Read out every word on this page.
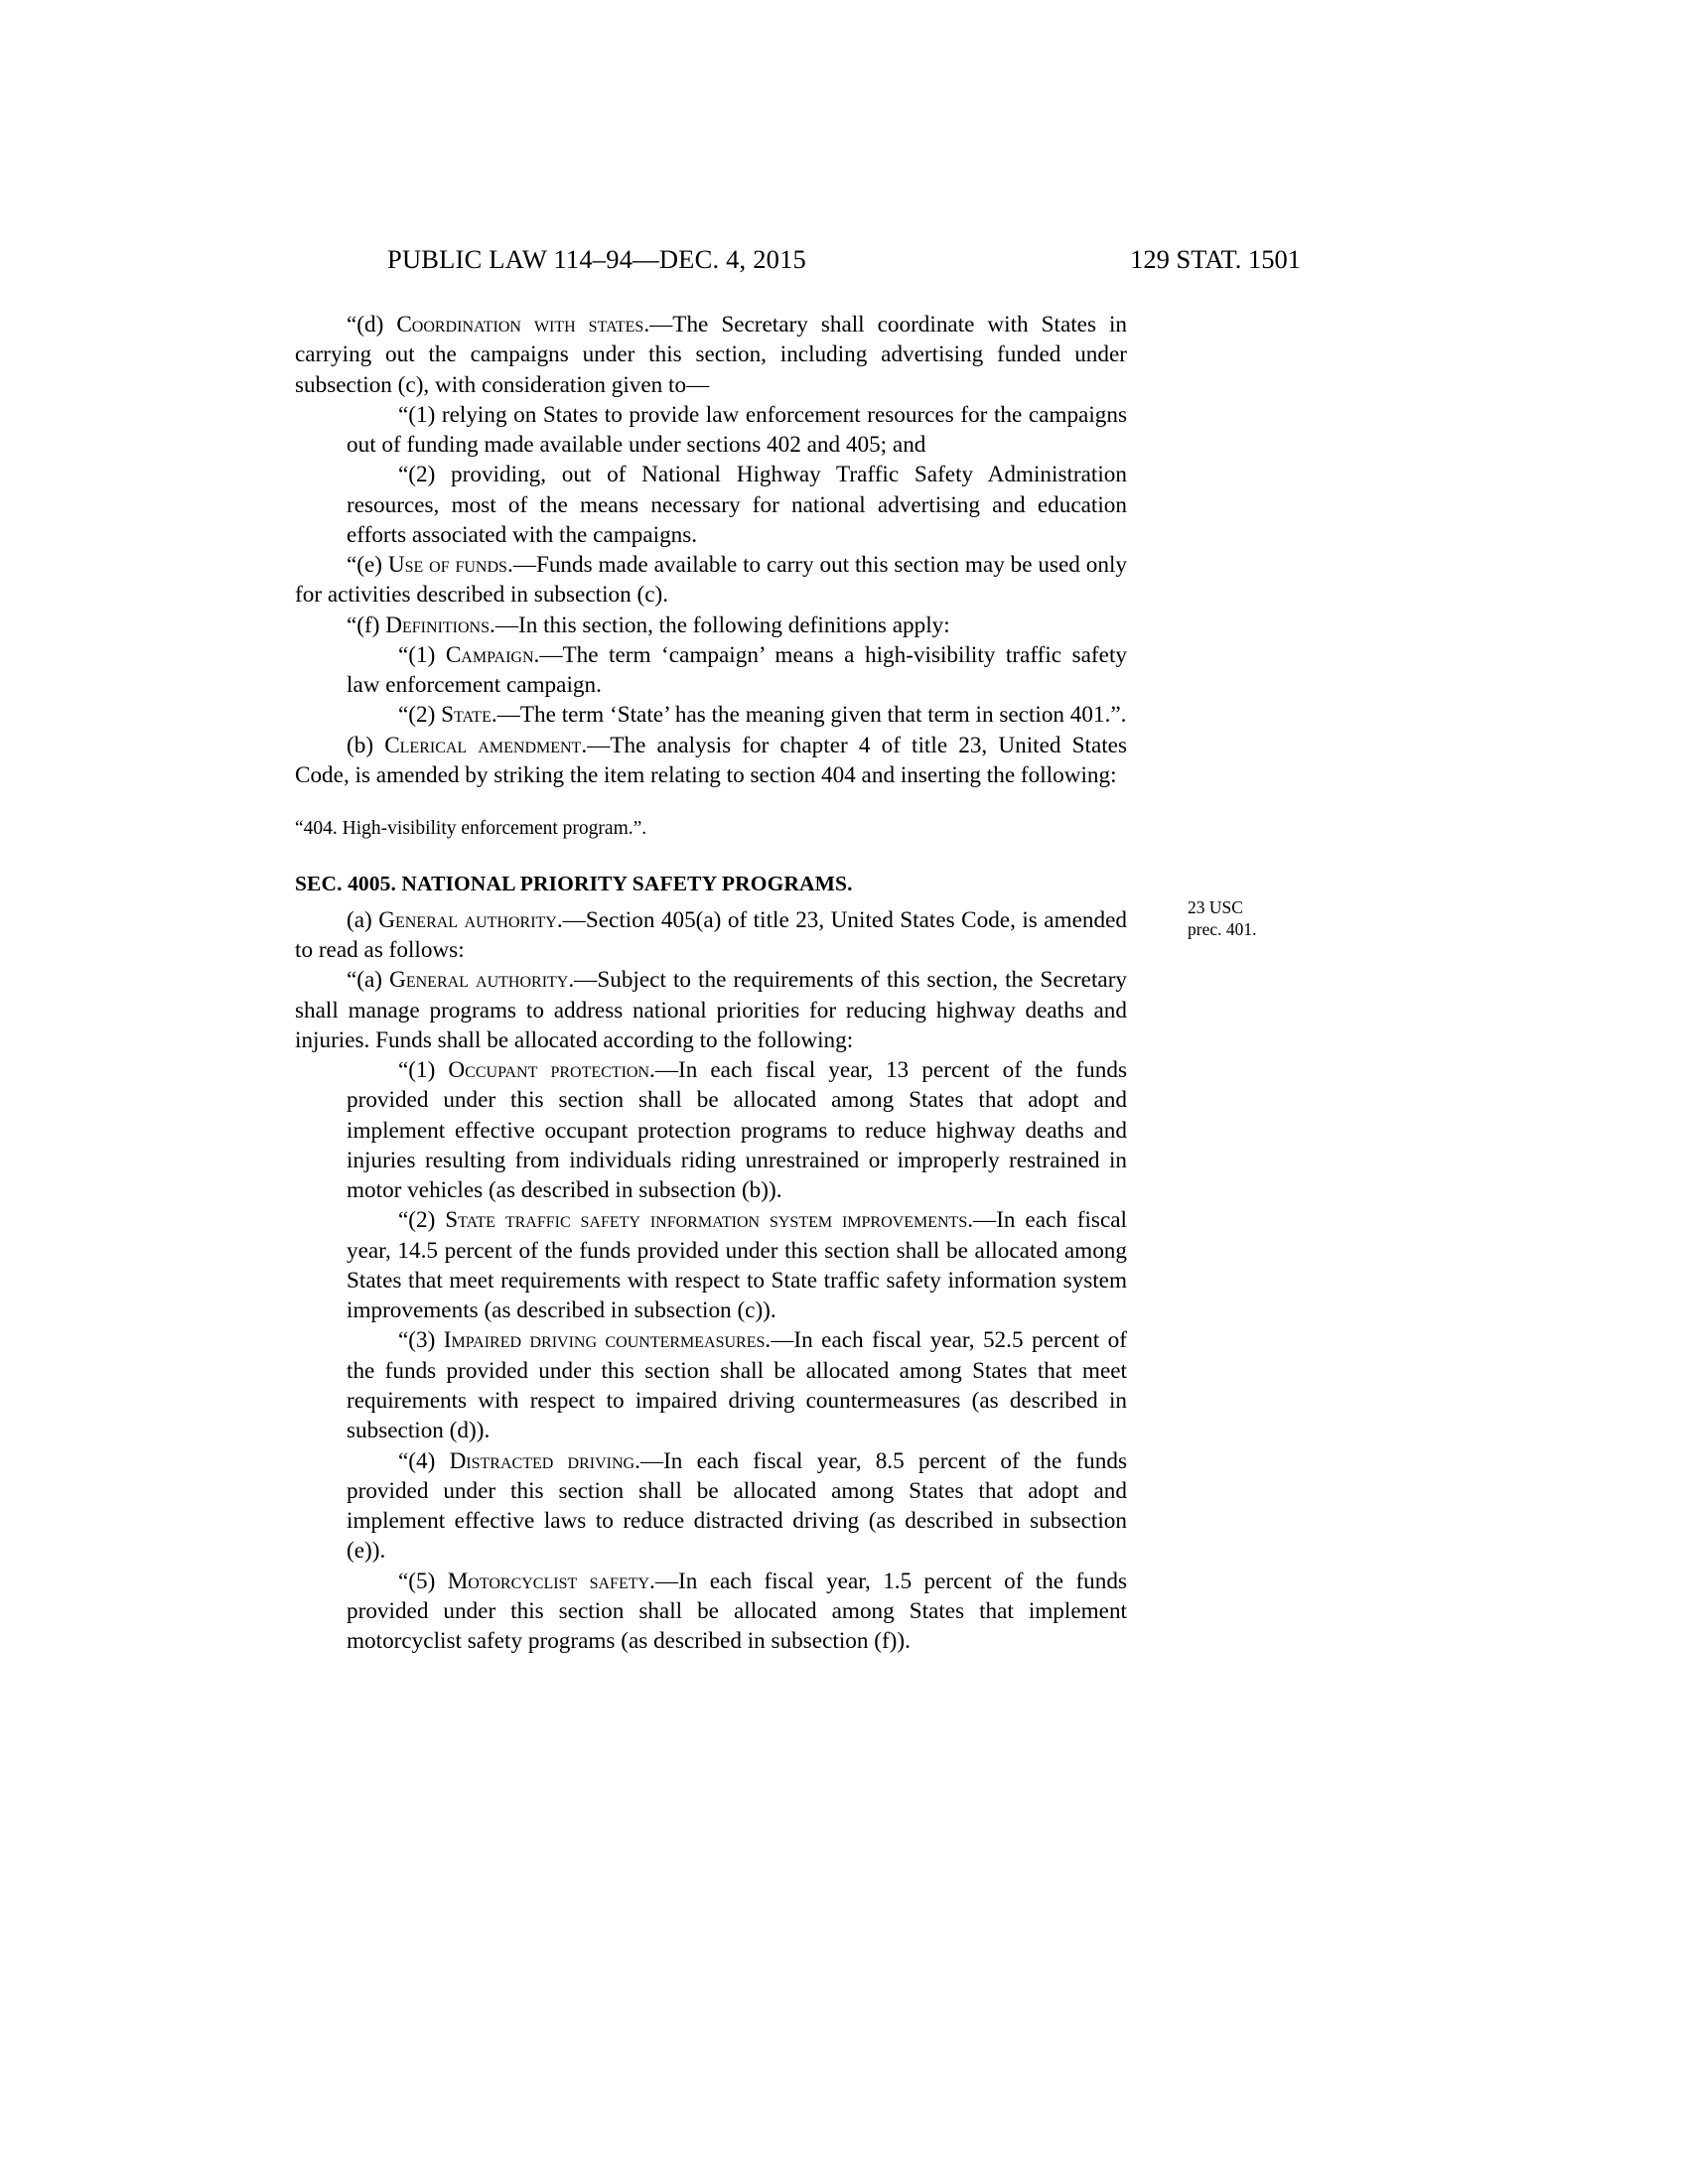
PUBLIC LAW 114–94—DEC. 4, 2015	129 STAT. 1501

“(d) Coordination with states.—The Secretary shall coordinate with States in carrying out the campaigns under this section, including advertising funded under subsection (c), with consideration given to—

“(1) relying on States to provide law enforcement resources for the campaigns out of funding made available under sections 402 and 405; and

“(2) providing, out of National Highway Traffic Safety Administration resources, most of the means necessary for national advertising and education efforts associated with the campaigns.

“(e) Use of funds.—Funds made available to carry out this section may be used only for activities described in subsection (c).

“(f) Definitions.—In this section, the following definitions apply:

“(1) Campaign.—The term ‘campaign’ means a high-visibility traffic safety law enforcement campaign.

“(2) State.—The term ‘State’ has the meaning given that term in section 401.”.

(b) Clerical amendment.—The analysis for chapter 4 of title 23, United States Code, is amended by striking the item relating to section 404 and inserting the following:

“404. High-visibility enforcement program.”.

SEC. 4005. NATIONAL PRIORITY SAFETY PROGRAMS.

(a) General authority.—Section 405(a) of title 23, United States Code, is amended to read as follows:

“(a) General authority.—Subject to the requirements of this section, the Secretary shall manage programs to address national priorities for reducing highway deaths and injuries. Funds shall be allocated according to the following:

“(1) Occupant protection.—In each fiscal year, 13 percent of the funds provided under this section shall be allocated among States that adopt and implement effective occupant protection programs to reduce highway deaths and injuries resulting from individuals riding unrestrained or improperly restrained in motor vehicles (as described in subsection (b)).

“(2) State traffic safety information system improvements.—In each fiscal year, 14.5 percent of the funds provided under this section shall be allocated among States that meet requirements with respect to State traffic safety information system improvements (as described in subsection (c)).

“(3) Impaired driving countermeasures.—In each fiscal year, 52.5 percent of the funds provided under this section shall be allocated among States that meet requirements with respect to impaired driving countermeasures (as described in subsection (d)).

“(4) Distracted driving.—In each fiscal year, 8.5 percent of the funds provided under this section shall be allocated among States that adopt and implement effective laws to reduce distracted driving (as described in subsection (e)).

“(5) Motorcyclist safety.—In each fiscal year, 1.5 percent of the funds provided under this section shall be allocated among States that implement motorcyclist safety programs (as described in subsection (f)).

23 USC
prec. 401.
